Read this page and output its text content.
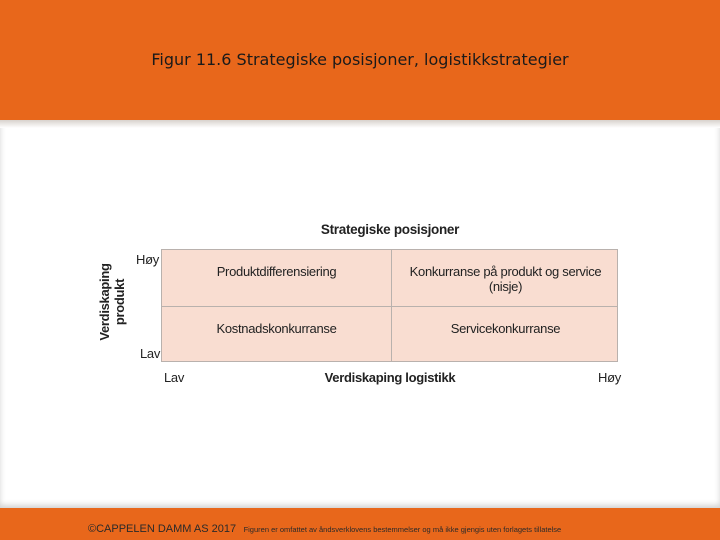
Figur 11.6 Strategiske posisjoner, logistikkstrategier
Strategiske posisjoner
Høy
Lav
Verdiskaping produkt
Produktdifferensiering	Konkurranse på produkt og service
(nisje)
Kostnadskonkurranse	Servicekonkurranse
Lav	Verdiskaping logistikk	Høy
©CAPPELEN DAMM AS 2017 Figuren er omfattet av åndsverklovens bestemmelser og må ikke gjengis uten forlagets tillatelse
